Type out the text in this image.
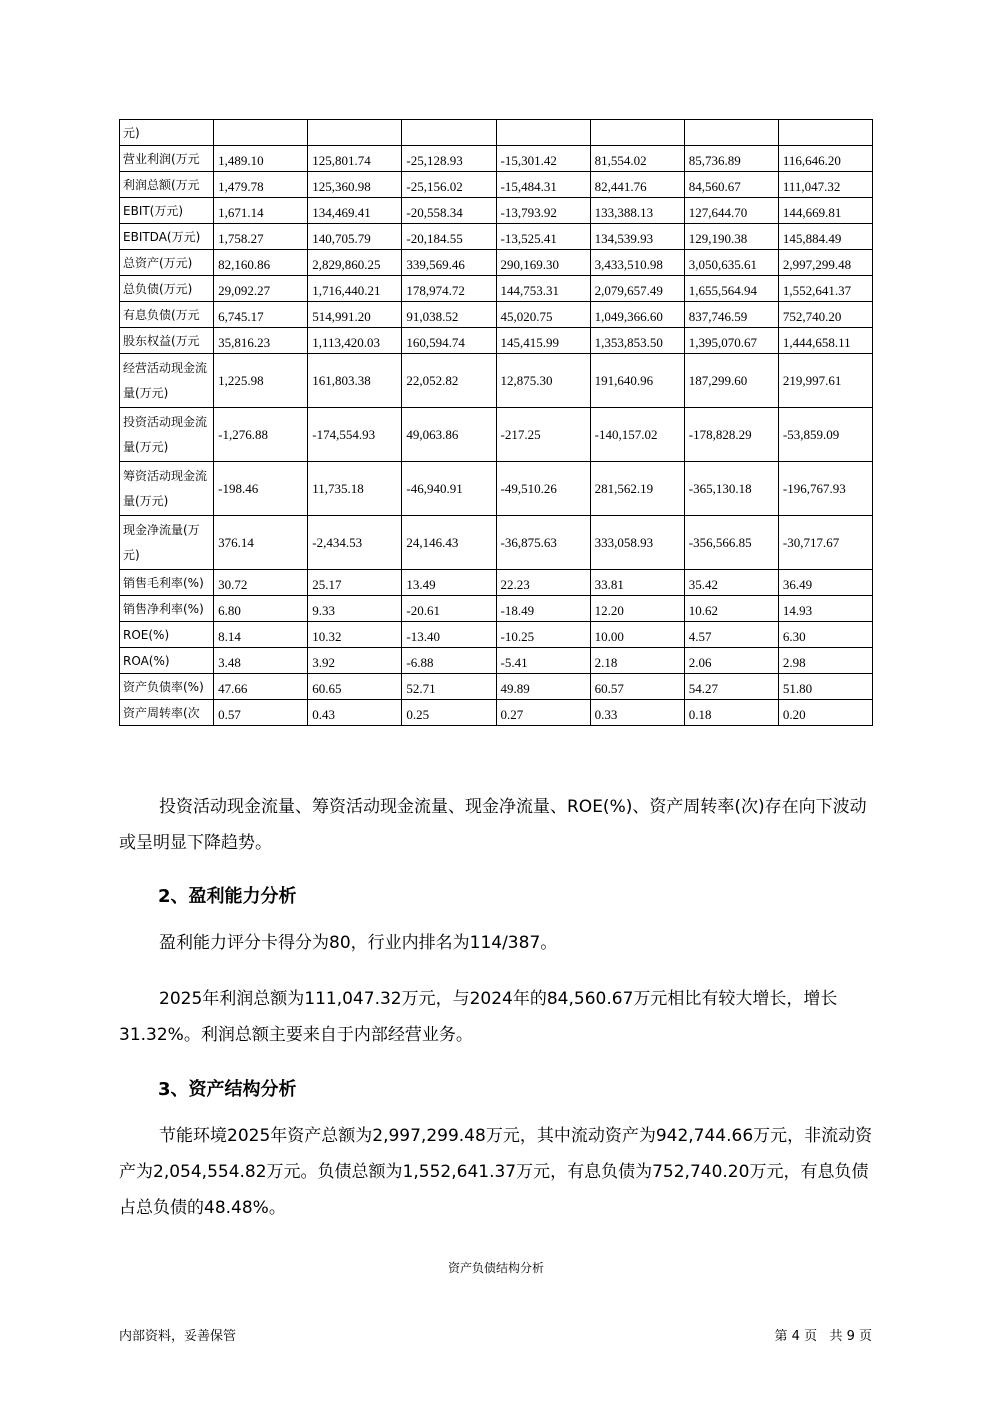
元)							
营业利润(万元	1,489.10	125,801.74	-25,128.93	-15,301.42	81,554.02	85,736.89	116,646.20
利润总额(万元	1,479.78	125,360.98	-25,156.02	-15,484.31	82,441.76	84,560.67	111,047.32
EBIT(万元)	1,671.14	134,469.41	-20,558.34	-13,793.92	133,388.13	127,644.70	144,669.81
EBITDA(万元)	1,758.27	140,705.79	-20,184.55	-13,525.41	134,539.93	129,190.38	145,884.49
总资产(万元)	82,160.86	2,829,860.25	339,569.46	290,169.30	3,433,510.98	3,050,635.61	2,997,299.48
总负债(万元)	29,092.27	1,716,440.21	178,974.72	144,753.31	2,079,657.49	1,655,564.94	1,552,641.37
有息负债(万元	6,745.17	514,991.20	91,038.52	45,020.75	1,049,366.60	837,746.59	752,740.20
股东权益(万元	35,816.23	1,113,420.03	160,594.74	145,415.99	1,353,853.50	1,395,070.67	1,444,658.11
经营活动现金流量(万元)	1,225.98	161,803.38	22,052.82	12,875.30	191,640.96	187,299.60	219,997.61
投资活动现金流量(万元)	-1,276.88	-174,554.93	49,063.86	-217.25	-140,157.02	-178,828.29	-53,859.09
筹资活动现金流量(万元)	-198.46	11,735.18	-46,940.91	-49,510.26	281,562.19	-365,130.18	-196,767.93
现金净流量(万元)	376.14	-2,434.53	24,146.43	-36,875.63	333,058.93	-356,566.85	-30,717.67
销售毛利率(%)	30.72	25.17	13.49	22.23	33.81	35.42	36.49
销售净利率(%)	6.80	9.33	-20.61	-18.49	12.20	10.62	14.93
ROE(%)	8.14	10.32	-13.40	-10.25	10.00	4.57	6.30
ROA(%)	3.48	3.92	-6.88	-5.41	2.18	2.06	2.98
资产负债率(%)	47.66	60.65	52.71	49.89	60.57	54.27	51.80
资产周转率(次	0.57	0.43	0.25	0.27	0.33	0.18	0.20
投资活动现金流量、筹资活动现金流量、现金净流量、ROE(%)、资产周转率(次)存在向下波动或呈明显下降趋势。
2、盈利能力分析
盈利能力评分卡得分为80，行业内排名为114/387。
2025年利润总额为111,047.32万元，与2024年的84,560.67万元相比有较大增长，增长31.32%。利润总额主要来自于内部经营业务。
3、资产结构分析
节能环境2025年资产总额为2,997,299.48万元，其中流动资产为942,744.66万元，非流动资产为2,054,554.82万元。负债总额为1,552,641.37万元，有息负债为752,740.20万元，有息负债占总负债的48.48%。
资产负债结构分析
内部资料，妥善保管	第 4 页   共 9 页
